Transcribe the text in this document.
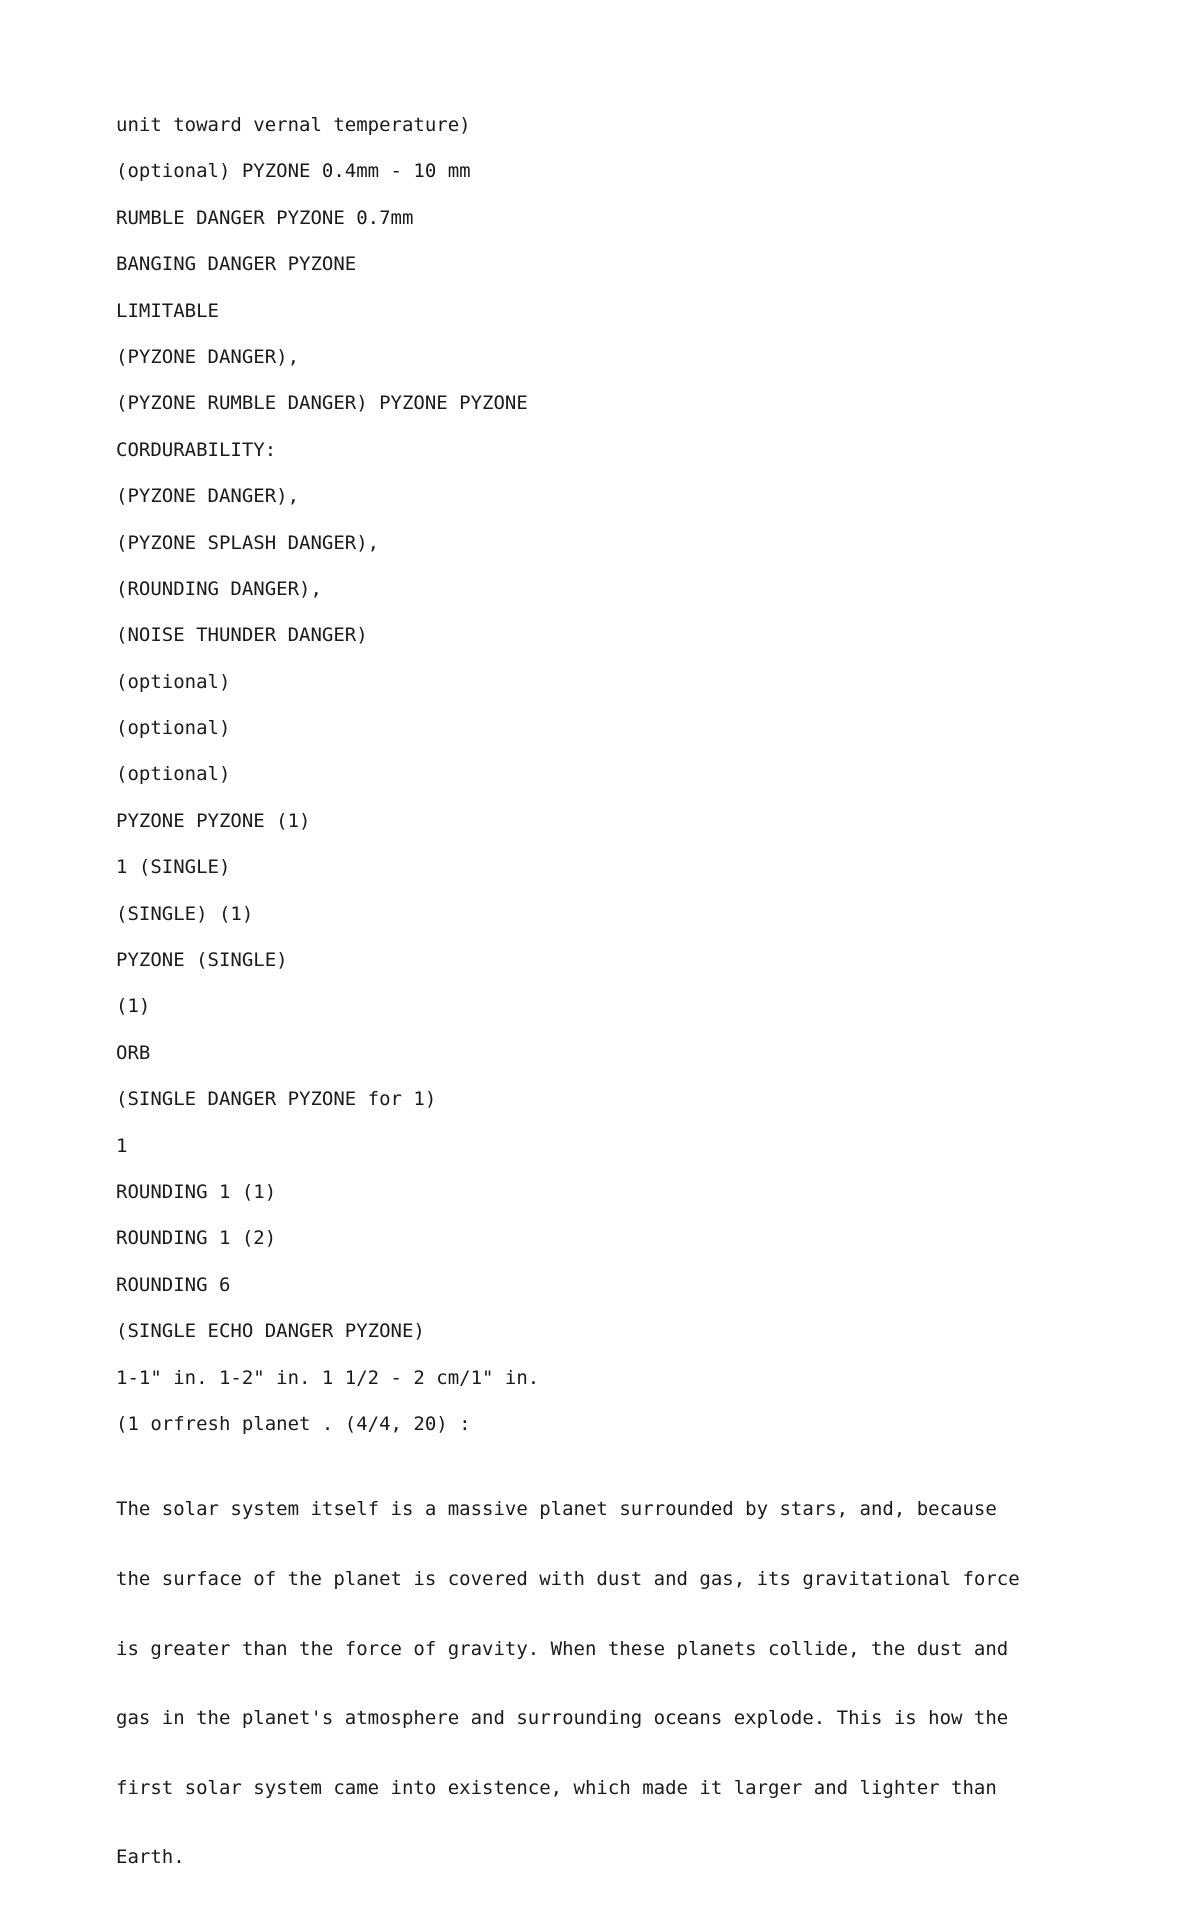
unit toward vernal temperature)
(optional) PYZONE 0.4mm - 10 mm
RUMBLE DANGER PYZONE 0.7mm
BANGING DANGER PYZONE
LIMITABLE
(PYZONE DANGER),
(PYZONE RUMBLE DANGER) PYZONE PYZONE
CORDURABILITY:
(PYZONE DANGER),
(PYZONE SPLASH DANGER),
(ROUNDING DANGER),
(NOISE THUNDER DANGER)
(optional)
(optional)
(optional)
PYZONE PYZONE (1)
1 (SINGLE)
(SINGLE) (1)
PYZONE (SINGLE)
(1)
ORB
(SINGLE DANGER PYZONE for 1)
1
ROUNDING 1 (1)
ROUNDING 1 (2)
ROUNDING 6
(SINGLE ECHO DANGER PYZONE)
1-1" in. 1-2" in. 1 1/2 - 2 cm/1" in.
(1 orfresh planet . (4/4, 20) :

The solar system itself is a massive planet surrounded by stars, and, because

the surface of the planet is covered with dust and gas, its gravitational force

is greater than the force of gravity. When these planets collide, the dust and

gas in the planet's atmosphere and surrounding oceans explode. This is how the

first solar system came into existence, which made it larger and lighter than

Earth.
